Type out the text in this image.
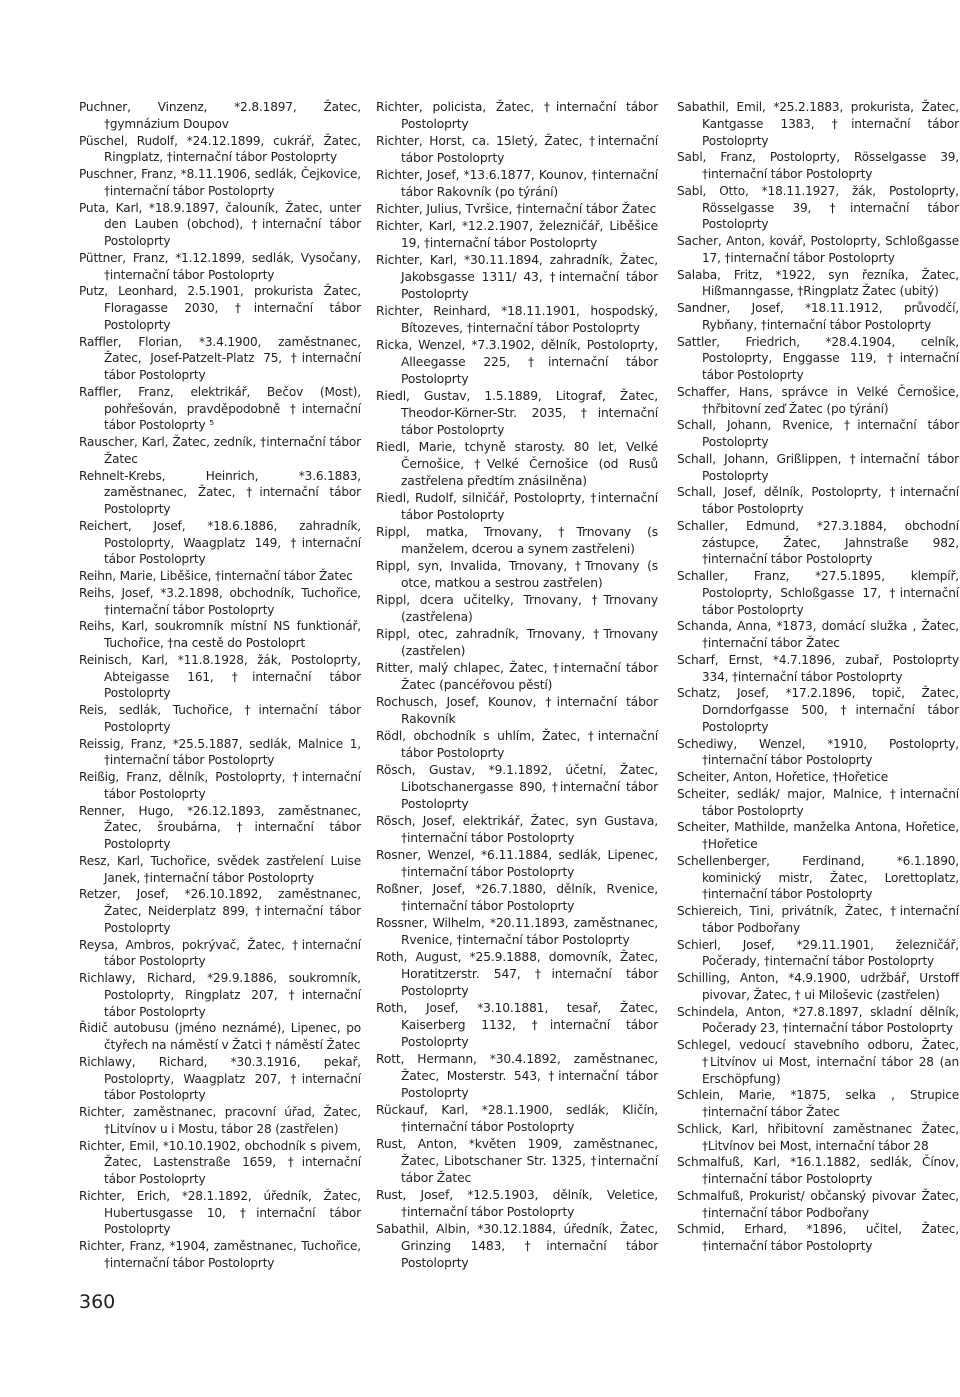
Puchner, Vinzenz, *2.8.1897, Žatec, †gymnázium Doupov

Püschel, Rudolf, *24.12.1899, cukrář, Žatec, Ringplatz, †internační tábor Postoloprty

Puschner, Franz, *8.11.1906, sedlák, Čejkovice, †internační tábor Postoloprty

Puta, Karl, *18.9.1897, čalouník, Žatec, unter den Lauben (obchod), †internační tábor Postoloprty

Püttner, Franz, *1.12.1899, sedlák, Vysočany, †internační tábor Postoloprty

Putz, Leonhard, 2.5.1901, prokurista Žatec, Floragasse 2030, †internační tábor Postoloprty

Raffler, Florian, *3.4.1900, zaměstnanec, Žatec, Josef-Patzelt-Platz 75, †internační tábor Postoloprty

Raffler, Franz, elektrikář, Bečov (Most), pohřešován, pravděpodobně †internační tábor Postoloprty ⁵

Rauscher, Karl, Žatec, zedník, †internační tábor Žatec

Rehnelt-Krebs, Heinrich, *3.6.1883, zaměstnanec, Žatec, †internační tábor Postoloprty

Reichert, Josef, *18.6.1886, zahradník, Postoloprty, Waagplatz 149, †internační tábor Postoloprty

Reihn, Marie, Liběšice, †internační tábor Žatec

Reihs, Josef, *3.2.1898, obchodník, Tuchořice, †internační tábor Postoloprty

Reihs, Karl, soukromník místní NS funktionář, Tuchořice, †na cestě do Postoloprt

Reinisch, Karl, *11.8.1928, žák, Postoloprty, Abteigasse 161, †internační tábor Postoloprty

Reis, sedlák, Tuchořice, †internační tábor Postoloprty

Reissig, Franz, *25.5.1887, sedlák, Malnice 1, †internační tábor Postoloprty

Reißig, Franz, dělník, Postoloprty, †internační tábor Postoloprty

Renner, Hugo, *26.12.1893, zaměstnanec, Žatec, šroubárna, †internační tábor Postoloprty

Resz, Karl, Tuchořice, svědek zastřelení Luise Janek, †internační tábor Postoloprty

Retzer, Josef, *26.10.1892, zaměstnanec, Žatec, Neiderplatz 899, †internační tábor Postoloprty

Reysa, Ambros, pokrývač, Žatec, †internační tábor Postoloprty

Richlawy, Richard, *29.9.1886, soukromník, Postoloprty, Ringplatz 207, †internační tábor Postoloprty

Řidič autobusu (jméno neznámé), Lipenec, po čtyřech na náměstí v Žatci † náměstí Žatec

Richlawy, Richard, *30.3.1916, pekař, Postoloprty, Waagplatz 207, †internační tábor Postoloprty

Richter, zaměstnanec, pracovní úřad, Žatec, †Litvínov u i Mostu, tábor 28 (zastřelen)

Richter, Emil, *10.10.1902, obchodník s pivem, Žatec, Lastenstraße 1659, †internační tábor Postoloprty

Richter, Erich, *28.1.1892, úředník, Žatec, Hubertusgasse 10, †internační tábor Postoloprty

Richter, Franz, *1904, zaměstnanec, Tuchořice, †internační tábor Postoloprty

Richter, policista, Žatec, †internační tábor Postoloprty

Richter, Horst, ca. 15letý, Žatec, †internační tábor Postoloprty

Richter, Josef, *13.6.1877, Kounov, †internační tábor Rakovník (po týrání)

Richter, Julius, Tvršice, †internační tábor Žatec

Richter, Karl, *12.2.1907, železničář, Liběšice 19, †internační tábor Postoloprty

Richter, Karl, *30.11.1894, zahradník, Žatec, Jakobsgasse 1311/ 43, †internační tábor Postoloprty

Richter, Reinhard, *18.11.1901, hospodský, Bítozeves, †internační tábor Postoloprty

Ricka, Wenzel, *7.3.1902, dělník, Postoloprty, Alleegasse 225, †internační tábor Postoloprty

Riedl, Gustav, 1.5.1889, Litograf, Žatec, Theodor-Körner-Str. 2035, †internační tábor Postoloprty

Riedl, Marie, tchyně starosty. 80 let, Velké Černošice, †Velké Černošice (od Rusů zastřelena předtím znásilněna)

Riedl, Rudolf, silničář, Postoloprty, †internační tábor Postoloprty

Rippl, matka, Trnovany, †Trnovany (s manželem, dcerou a synem zastřeleni)

Rippl, syn, Invalida, Trnovany, †Trnovany (s otce, matkou a sestrou zastřelen)

Rippl, dcera učitelky, Trnovany, †Trnovany (zastřelena)

Rippl, otec, zahradník, Trnovany, †Trnovany (zastřelen)

Ritter, malý chlapec, Žatec, †internační tábor Žatec (pancéřovou pěstí)

Rochusch, Josef, Kounov, †internační tábor Rakovník

Rödl, obchodník s uhlím, Žatec, †internační tábor Postoloprty

Rösch, Gustav, *9.1.1892, účetní, Žatec, Libotschanergasse 890, †internační tábor Postoloprty

Rösch, Josef, elektrikář, Žatec, syn Gustava, †internační tábor Postoloprty

Rosner, Wenzel, *6.11.1884, sedlák, Lipenec, †internační tábor Postoloprty

Roßner, Josef, *26.7.1880, dělník, Rvenice, †internační tábor Postoloprty

Rossner, Wilhelm, *20.11.1893, zaměstnanec, Rvenice, †internační tábor Postoloprty

Roth, August, *25.9.1888, domovník, Žatec, Horatitzerstr. 547, †internační tábor Postoloprty

Roth, Josef, *3.10.1881, tesař, Žatec, Kaiserberg 1132, †internační tábor Postoloprty

Rott, Hermann, *30.4.1892, zaměstnanec, Žatec, Mosterstr. 543, †internační tábor Postoloprty

Rückauf, Karl, *28.1.1900, sedlák, Kličín, †internační tábor Postoloprty

Rust, Anton, *květen 1909, zaměstnanec, Žatec, Libotschaner Str. 1325, †internační tábor Žatec

Rust, Josef, *12.5.1903, dělník, Veletice, †internační tábor Postoloprty

Sabathil, Albin, *30.12.1884, úředník, Žatec, Grinzing 1483, †internační tábor Postoloprty

Sabathil, Emil, *25.2.1883, prokurista, Žatec, Kantgasse 1383, †internační tábor Postoloprty

Sabl, Franz, Postoloprty, Rösselgasse 39, †internační tábor Postoloprty

Sabl, Otto, *18.11.1927, žák, Postoloprty, Rösselgasse 39, †internační tábor Postoloprty

Sacher, Anton, kovář, Postoloprty, Schloßgasse 17, †internační tábor Postoloprty

Salaba, Fritz, *1922, syn řezníka, Žatec, Hißmanngasse, †Ringplatz Žatec (ubitý)

Sandner, Josef, *18.11.1912, průvodčí, Rybňany, †internační tábor Postoloprty

Sattler, Friedrich, *28.4.1904, celník, Postoloprty, Enggasse 119, †internační tábor Postoloprty

Schaffer, Hans, správce in Velké Černošice, †hřbitovní zeď Žatec (po týrání)

Schall, Johann, Rvenice, †internační tábor Postoloprty

Schall, Johann, Grißlippen, †internační tábor Postoloprty

Schall, Josef, dělník, Postoloprty, †internační tábor Postoloprty

Schaller, Edmund, *27.3.1884, obchodní zástupce, Žatec, Jahnstraße 982, †internační tábor Postoloprty

Schaller, Franz, *27.5.1895, klempíř, Postoloprty, Schloßgasse 17, †internační tábor Postoloprty

Schanda, Anna, *1873, domácí služka , Žatec, †internační tábor Žatec

Scharf, Ernst, *4.7.1896, zubař, Postoloprty 334, †internační tábor Postoloprty

Schatz, Josef, *17.2.1896, topič, Žatec, Dorndorfgasse 500, †internační tábor Postoloprty

Schediwy, Wenzel, *1910, Postoloprty, †internační tábor Postoloprty

Scheiter, Anton, Hořetice, †Hořetice

Scheiter, sedlák/ major, Malnice, †internační tábor Postoloprty

Scheiter, Mathilde, manželka Antona, Hořetice, †Hořetice

Schellenberger, Ferdinand, *6.1.1890, kominický mistr, Žatec, Lorettoplatz, †internační tábor Postoloprty

Schiereich, Tini, privátník, Žatec, †internační tábor Podbořany

Schierl, Josef, *29.11.1901, železničář, Počerady, †internační tábor Postoloprty

Schilling, Anton, *4.9.1900, udržbář, Urstoff pivovar, Žatec, † ui Miloševic (zastřelen)

Schindela, Anton, *27.8.1897, skladní dělník, Počerady 23, †internační tábor Postoloprty

Schlegel, vedoucí stavebního odboru, Žatec, †Litvínov ui Most, internační tábor 28 (an Erschöpfung)

Schlein, Marie, *1875, selka , Strupice †internační tábor Žatec

Schlick, Karl, hřibitovní zaměstnanec Žatec, †Litvínov bei Most, internační tábor 28

Schmalfuß, Karl, *16.1.1882, sedlák, Čínov, †internační tábor Postoloprty

Schmalfuß, Prokurist/ občanský pivovar Žatec, †internační tábor Podbořany

Schmid, Erhard, *1896, učitel, Žatec, †internační tábor Postoloprty

360
